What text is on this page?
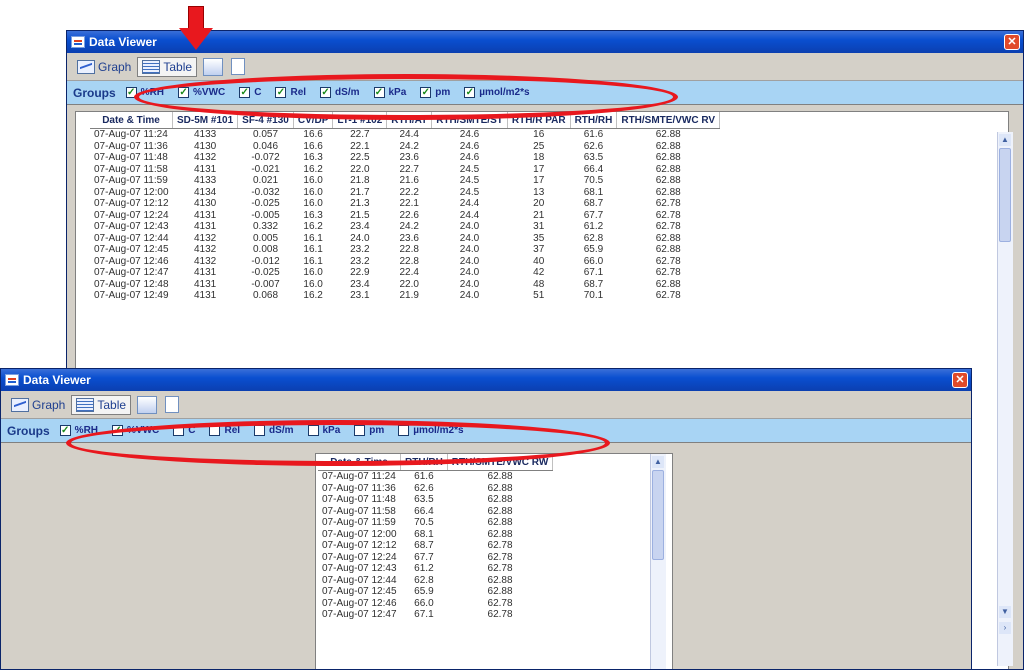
Data Viewer	✕
Graph	Table
Groups ✓ %RH ✓ %VWC ✓ C ✓ Rel ✓ dS/m ✓ kPa ✓ pm ✓ µmol/m2*s
Date & Time	SD-5M #101	SF-4 #130	CV/DP	LT-1 #102	RTH/AT	RTH/SMTE/ST	RTH/R PAR	RTH/RH	RTH/SMTE/VWC RV
07-Aug-07 11:24	4133	0.057	16.6	22.7	24.4	24.6	16	61.6	62.88
07-Aug-07 11:36	4130	0.046	16.6	22.1	24.2	24.6	25	62.6	62.88
07-Aug-07 11:48	4132	-0.072	16.3	22.5	23.6	24.6	18	63.5	62.88
07-Aug-07 11:58	4131	-0.021	16.2	22.0	22.7	24.5	17	66.4	62.88
07-Aug-07 11:59	4133	0.021	16.0	21.8	21.6	24.5	17	70.5	62.88
07-Aug-07 12:00	4134	-0.032	16.0	21.7	22.2	24.5	13	68.1	62.88
07-Aug-07 12:12	4130	-0.025	16.0	21.3	22.1	24.4	20	68.7	62.78
07-Aug-07 12:24	4131	-0.005	16.3	21.5	22.6	24.4	21	67.7	62.78
07-Aug-07 12:43	4131	0.332	16.2	23.4	24.2	24.0	31	61.2	62.78
07-Aug-07 12:44	4132	0.005	16.1	24.0	23.6	24.0	35	62.8	62.88
07-Aug-07 12:45	4132	0.008	16.1	23.2	22.8	24.0	37	65.9	62.88
07-Aug-07 12:46	4132	-0.012	16.1	23.2	22.8	24.0	40	66.0	62.78
07-Aug-07 12:47	4131	-0.025	16.0	22.9	22.4	24.0	42	67.1	62.78
07-Aug-07 12:48	4131	-0.007	16.0	23.4	22.0	24.0	48	68.7	62.88
07-Aug-07 12:49	4131	0.068	16.2	23.1	21.9	24.0	51	70.1	62.78
▲
▼
›
Data Viewer	✕
Graph	Table
Groups ✓ %RH ✓ %VWC	C	Rel	dS/m	kPa	pm	µmol/m2*s
Date & Time	RTH/RH	RTH/SMTE/VWC RW
07-Aug-07 11:24	61.6	62.88
07-Aug-07 11:36	62.6	62.88
07-Aug-07 11:48	63.5	62.88
07-Aug-07 11:58	66.4	62.88
07-Aug-07 11:59	70.5	62.88
07-Aug-07 12:00	68.1	62.88
07-Aug-07 12:12	68.7	62.78
07-Aug-07 12:24	67.7	62.78
07-Aug-07 12:43	61.2	62.78
07-Aug-07 12:44	62.8	62.88
07-Aug-07 12:45	65.9	62.88
07-Aug-07 12:46	66.0	62.78
07-Aug-07 12:47	67.1	62.78
▲
